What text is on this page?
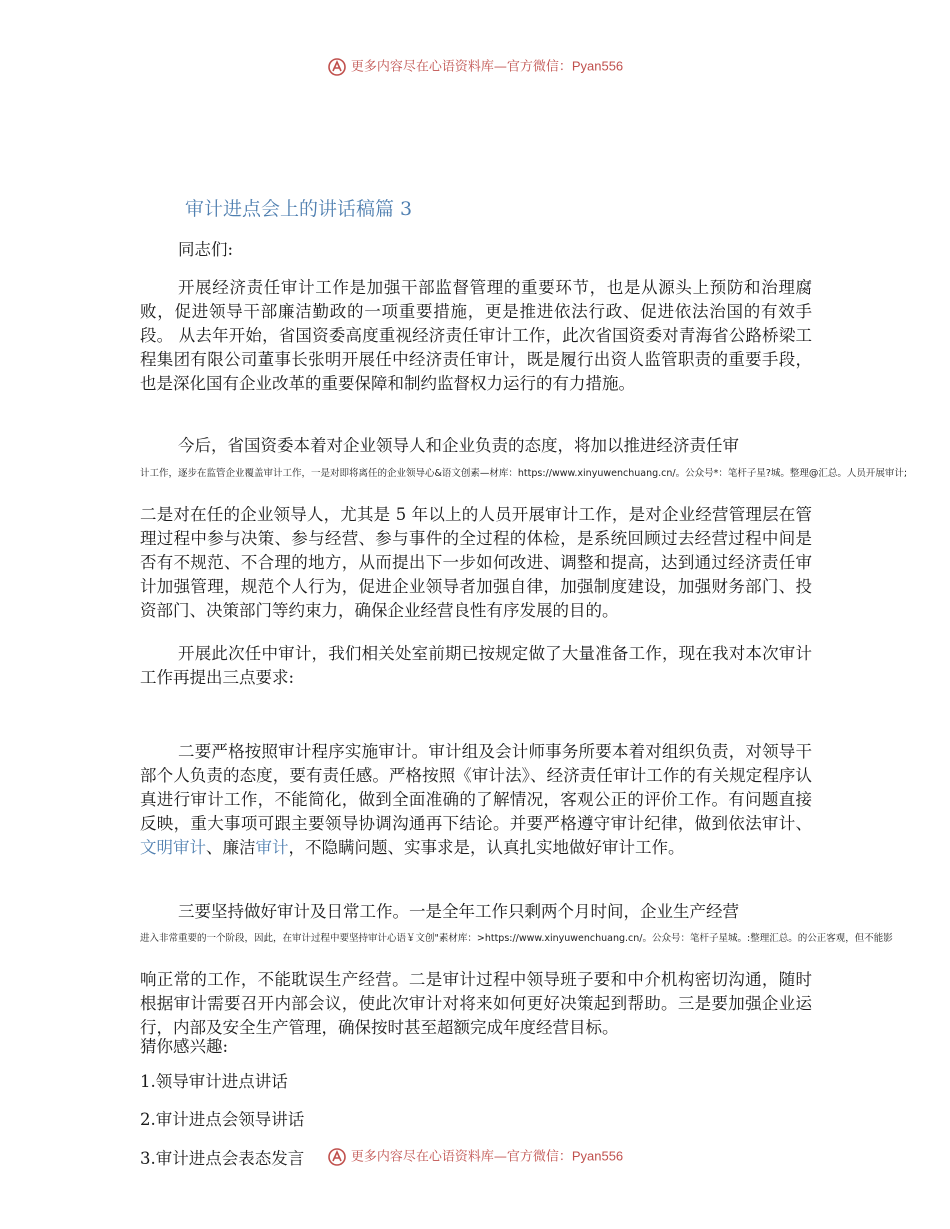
更多内容尽在心语资料库—官方微信：Pyan556
审计进点会上的讲话稿篇 3

同志们:

开展经济责任审计工作是加强干部监督管理的重要环节，也是从源头上预防和治理腐败，促进领导干部廉洁勤政的一项重要措施，更是推进依法行政、促进依法治国的有效手段。 从去年开始，省国资委高度重视经济责任审计工作，此次省国资委对青海省公路桥梁工程集团有限公司董事长张明开展任中经济责任审计，既是履行出资人监管职责的重要手段，也是深化国有企业改革的重要保障和制约监督权力运行的有力措施。

今后，省国资委本着对企业领导人和企业负责的态度，将加以推进经济责任审

计工作，逐步在监管企业覆盖审计工作，一是对即将离任的企业领导心&语文创素—材库：https://www.xinyuwenchuang.cn/。公众号*：笔杆子星?城。整理@汇总。人员开展审计;

二是对在任的企业领导人，尤其是 5 年以上的人员开展审计工作，是对企业经营管理层在管理过程中参与决策、参与经营、参与事件的全过程的体检，是系统回顾过去经营过程中间是否有不规范、不合理的地方，从而提出下一步如何改进、调整和提高，达到通过经济责任审计加强管理，规范个人行为，促进企业领导者加强自律，加强制度建设，加强财务部门、投资部门、决策部门等约束力，确保企业经营良性有序发展的目的。

开展此次任中审计，我们相关处室前期已按规定做了大量准备工作，现在我对本次审计工作再提出三点要求:

二要严格按照审计程序实施审计。审计组及会计师事务所要本着对组织负责，对领导干部个人负责的态度，要有责任感。严格按照《审计法》、经济责任审计工作的有关规定程序认真进行审计工作，不能简化，做到全面准确的了解情况，客观公正的评价工作。有问题直接反映，重大事项可跟主要领导协调沟通再下结论。并要严格遵守审计纪律，做到依法审计、文明审计、廉洁审计，不隐瞒问题、实事求是，认真扎实地做好审计工作。

三要坚持做好审计及日常工作。一是全年工作只剩两个月时间，企业生产经营

进入非常重要的一个阶段，因此，在审计过程中要坚持审计心语￥文创"素材库：>https://www.xinyuwenchuang.cn/。公众号：笔杆子星城。:整理汇总。的公正客观，但不能影

响正常的工作，不能耽误生产经营。二是审计过程中领导班子要和中介机构密切沟通，随时根据审计需要召开内部会议，使此次审计对将来如何更好决策起到帮助。三是要加强企业运行，内部及安全生产管理，确保按时甚至超额完成年度经营目标。

猜你感兴趣:

1.领导审计进点讲话

2.审计进点会领导讲话

3.审计进点会表态发言	更多内容尽在心语资料库—官方微信：Pyan556
